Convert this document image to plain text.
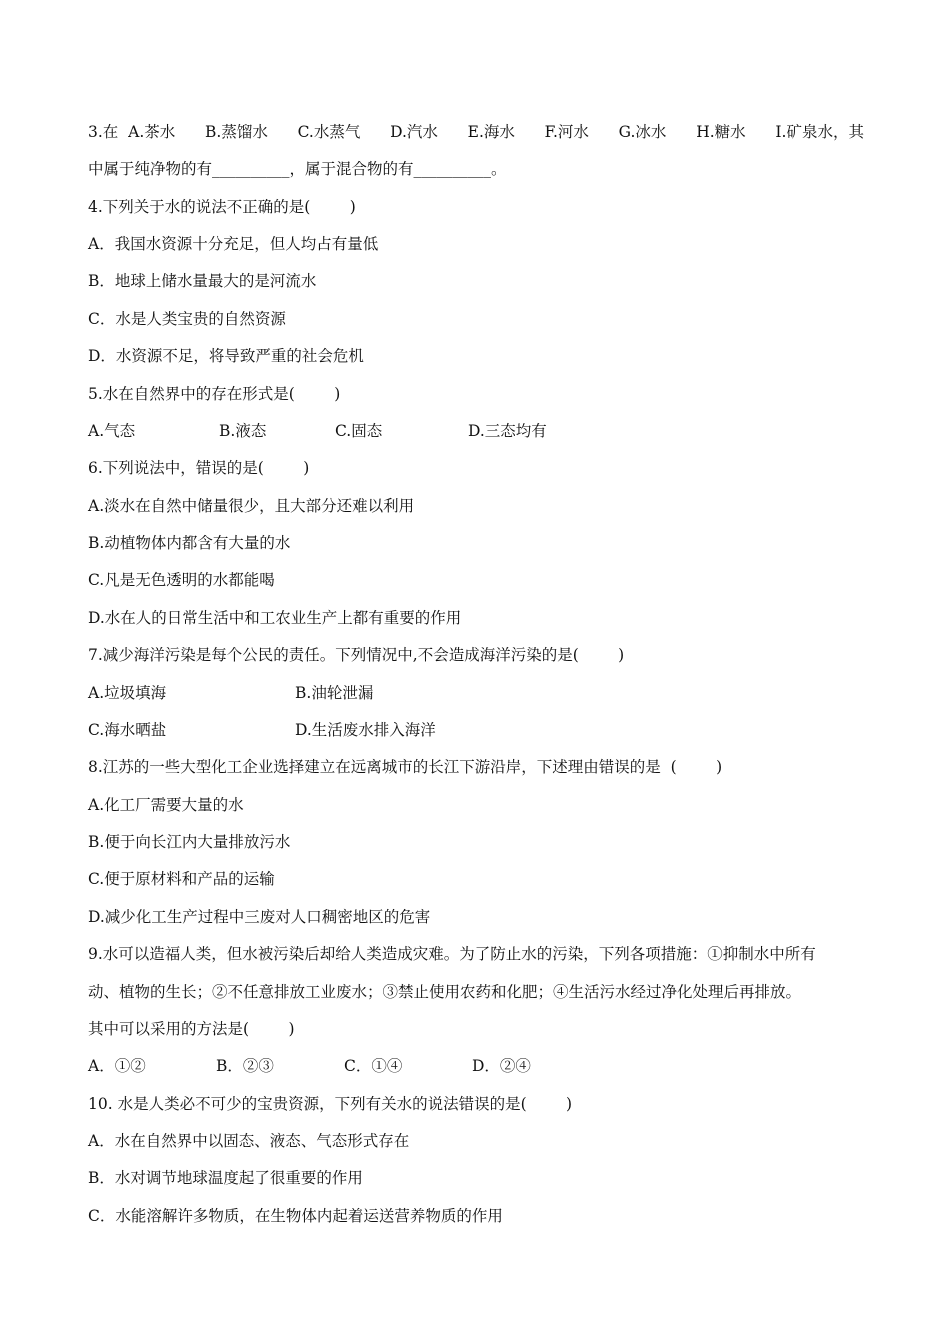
3.在  A.茶水 B.蒸馏水 C.水蒸气 D.汽水 E.海水 F.河水 G.冰水 H.糖水 I.矿泉水，其
中属于纯净物的有__________，属于混合物的有__________。
4.下列关于水的说法不正确的是(        )
A．我国水资源十分充足，但人均占有量低
B．地球上储水量最大的是河流水
C．水是人类宝贵的自然资源
D．水资源不足，将导致严重的社会危机
5.水在自然界中的存在形式是(        )
A.气态	B.液态	C.固态	D.三态均有
6.下列说法中，错误的是(        )
A.淡水在自然中储量很少，且大部分还难以利用
B.动植物体内都含有大量的水
C.凡是无色透明的水都能喝
D.水在人的日常生活中和工农业生产上都有重要的作用
7.减少海洋污染是每个公民的责任。下列情况中,不会造成海洋污染的是(        )
A.垃圾填海	B.油轮泄漏
C.海水晒盐	D.生活废水排入海洋
8.江苏的一些大型化工企业选择建立在远离城市的长江下游沿岸，下述理由错误的是  (        )
A.化工厂需要大量的水
B.便于向长江内大量排放污水
C.便于原材料和产品的运输
D.减少化工生产过程中三废对人口稠密地区的危害
9.水可以造福人类，但水被污染后却给人类造成灾难。为了防止水的污染，下列各项措施：①抑制水中所有
动、植物的生长；②不任意排放工业废水；③禁止使用农药和化肥；④生活污水经过净化处理后再排放。
其中可以采用的方法是(        )
A．①②	B．②③	C．①④	D．②④
10. 水是人类必不可少的宝贵资源，下列有关水的说法错误的是(        )
A．水在自然界中以固态、液态、气态形式存在
B．水对调节地球温度起了很重要的作用
C．水能溶解许多物质，在生物体内起着运送营养物质的作用
